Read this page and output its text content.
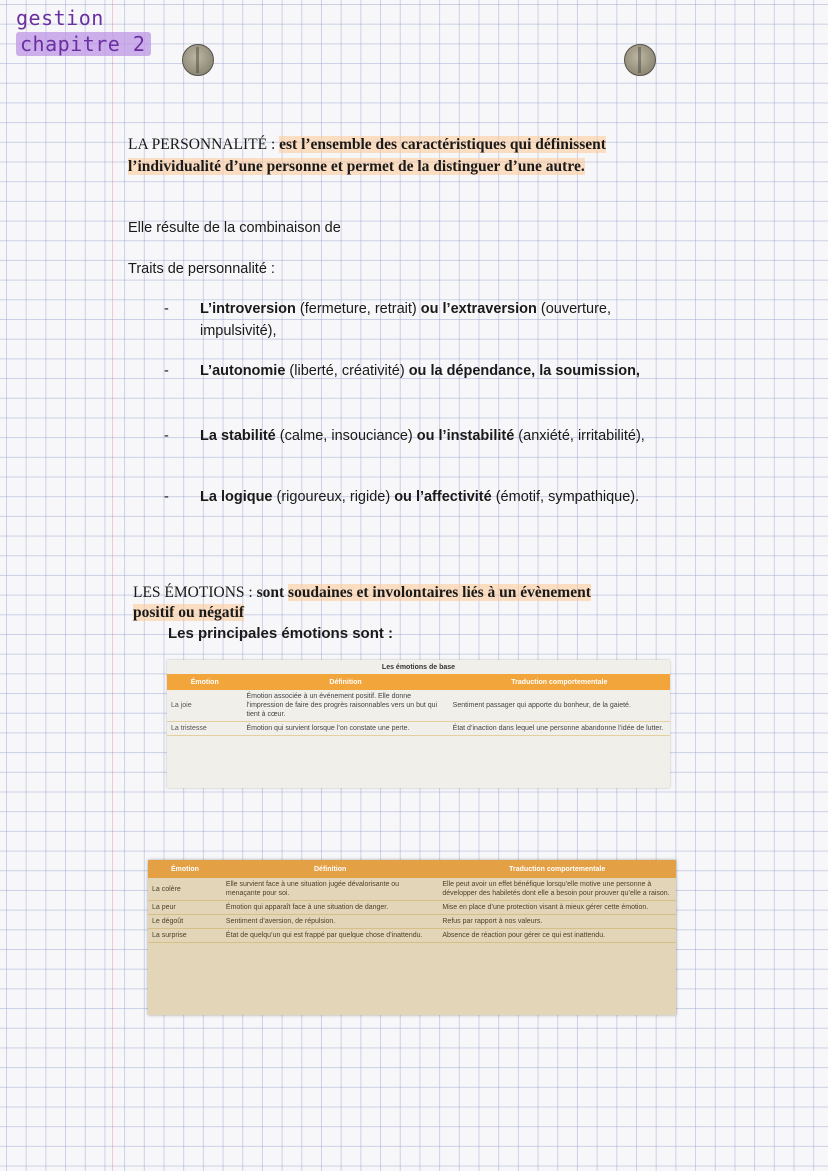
gestion
chapitre 2
LA PERSONNALITÉ : est l’ensemble des caractéristiques qui définissent
l’individualité d’une personne et permet de la distinguer d’une autre.
Elle résulte de la combinaison de
Traits de personnalité :
- L’introversion (fermeture, retrait) ou l’extraversion (ouverture, impulsivité),
- L’autonomie (liberté, créativité) ou la dépendance, la soumission,
- La stabilité (calme, insouciance) ou l’instabilité (anxiété, irritabilité),
- La logique (rigoureux, rigide) ou l’affectivité (émotif, sympathique).
LES ÉMOTIONS : sont soudaines et involontaires liés à un évènement
positif ou négatif
Les principales émotions sont :
Les émotions de base
Émotion	Définition	Traduction comportementale
La joie	Émotion associée à un événement positif. Elle donne l’impression de faire des progrès raisonnables vers un but qui tient à cœur.	Sentiment passager qui apporte du bonheur, de la gaieté.
La tristesse	Émotion qui survient lorsque l’on constate une perte.	État d’inaction dans lequel une personne abandonne l’idée de lutter.
Émotion	Définition	Traduction comportementale
La colère	Elle survient face à une situation jugée dévalorisante ou menaçante pour soi.	Elle peut avoir un effet bénéfique lorsqu’elle motive une personne à développer des habiletés dont elle a besoin pour prouver qu’elle a raison.
La peur	Émotion qui apparaît face à une situation de danger.	Mise en place d’une protection visant à mieux gérer cette émotion.
Le dégoût	Sentiment d’aversion, de répulsion.	Refus par rapport à nos valeurs.
La surprise	État de quelqu’un qui est frappé par quelque chose d’inattendu.	Absence de réaction pour gérer ce qui est inattendu.
